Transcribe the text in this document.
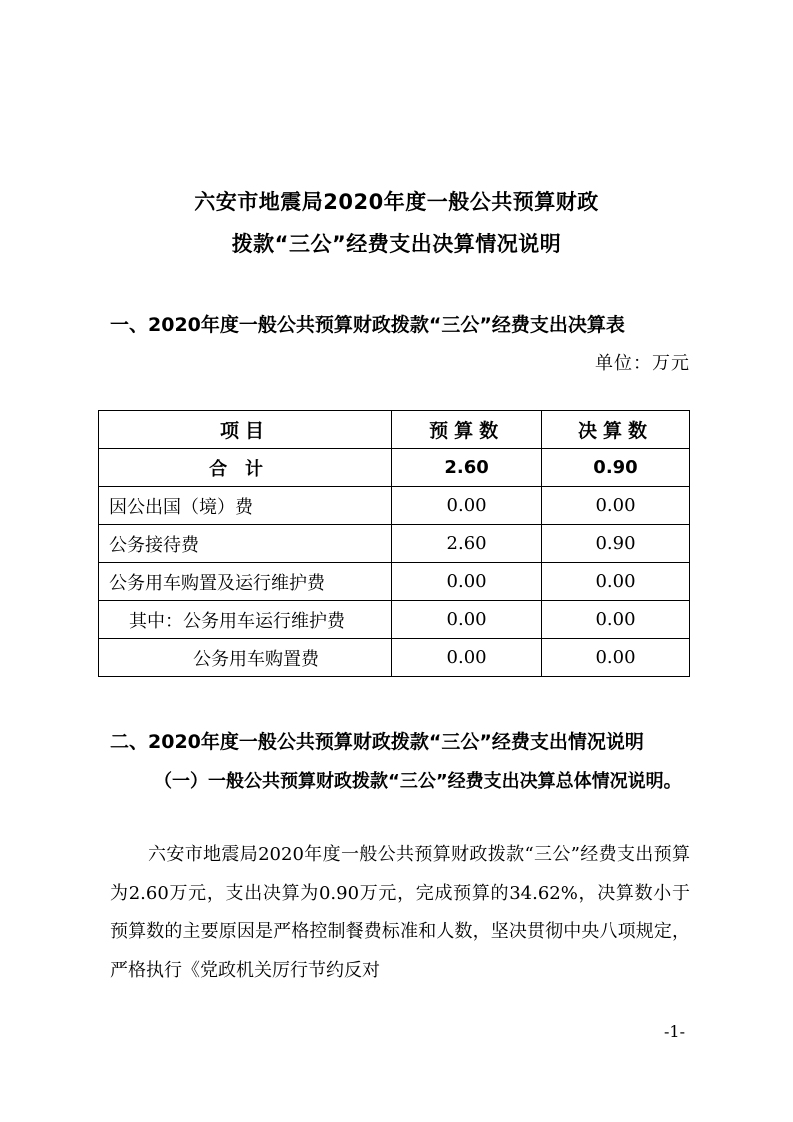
六安市地震局2020年度一般公共预算财政
拨款“三公”经费支出决算情况说明
一、2020年度一般公共预算财政拨款“三公”经费支出决算表
单位：万元
项目	预算数	决算数
合计	2.60	0.90
因公出国（境）费	0.00	0.00
公务接待费	2.60	0.90
公务用车购置及运行维护费	0.00	0.00
其中：公务用车运行维护费	0.00	0.00
公务用车购置费	0.00	0.00
二、2020年度一般公共预算财政拨款“三公”经费支出情况说明
（一）一般公共预算财政拨款“三公”经费支出决算总体情况说明。
六安市地震局2020年度一般公共预算财政拨款“三公”经费支出预算为2.60万元，支出决算为0.90万元，完成预算的34.62%，决算数小于预算数的主要原因是严格控制餐费标准和人数，坚决贯彻中央八项规定，严格执行《党政机关厉行节约反对
-1-
